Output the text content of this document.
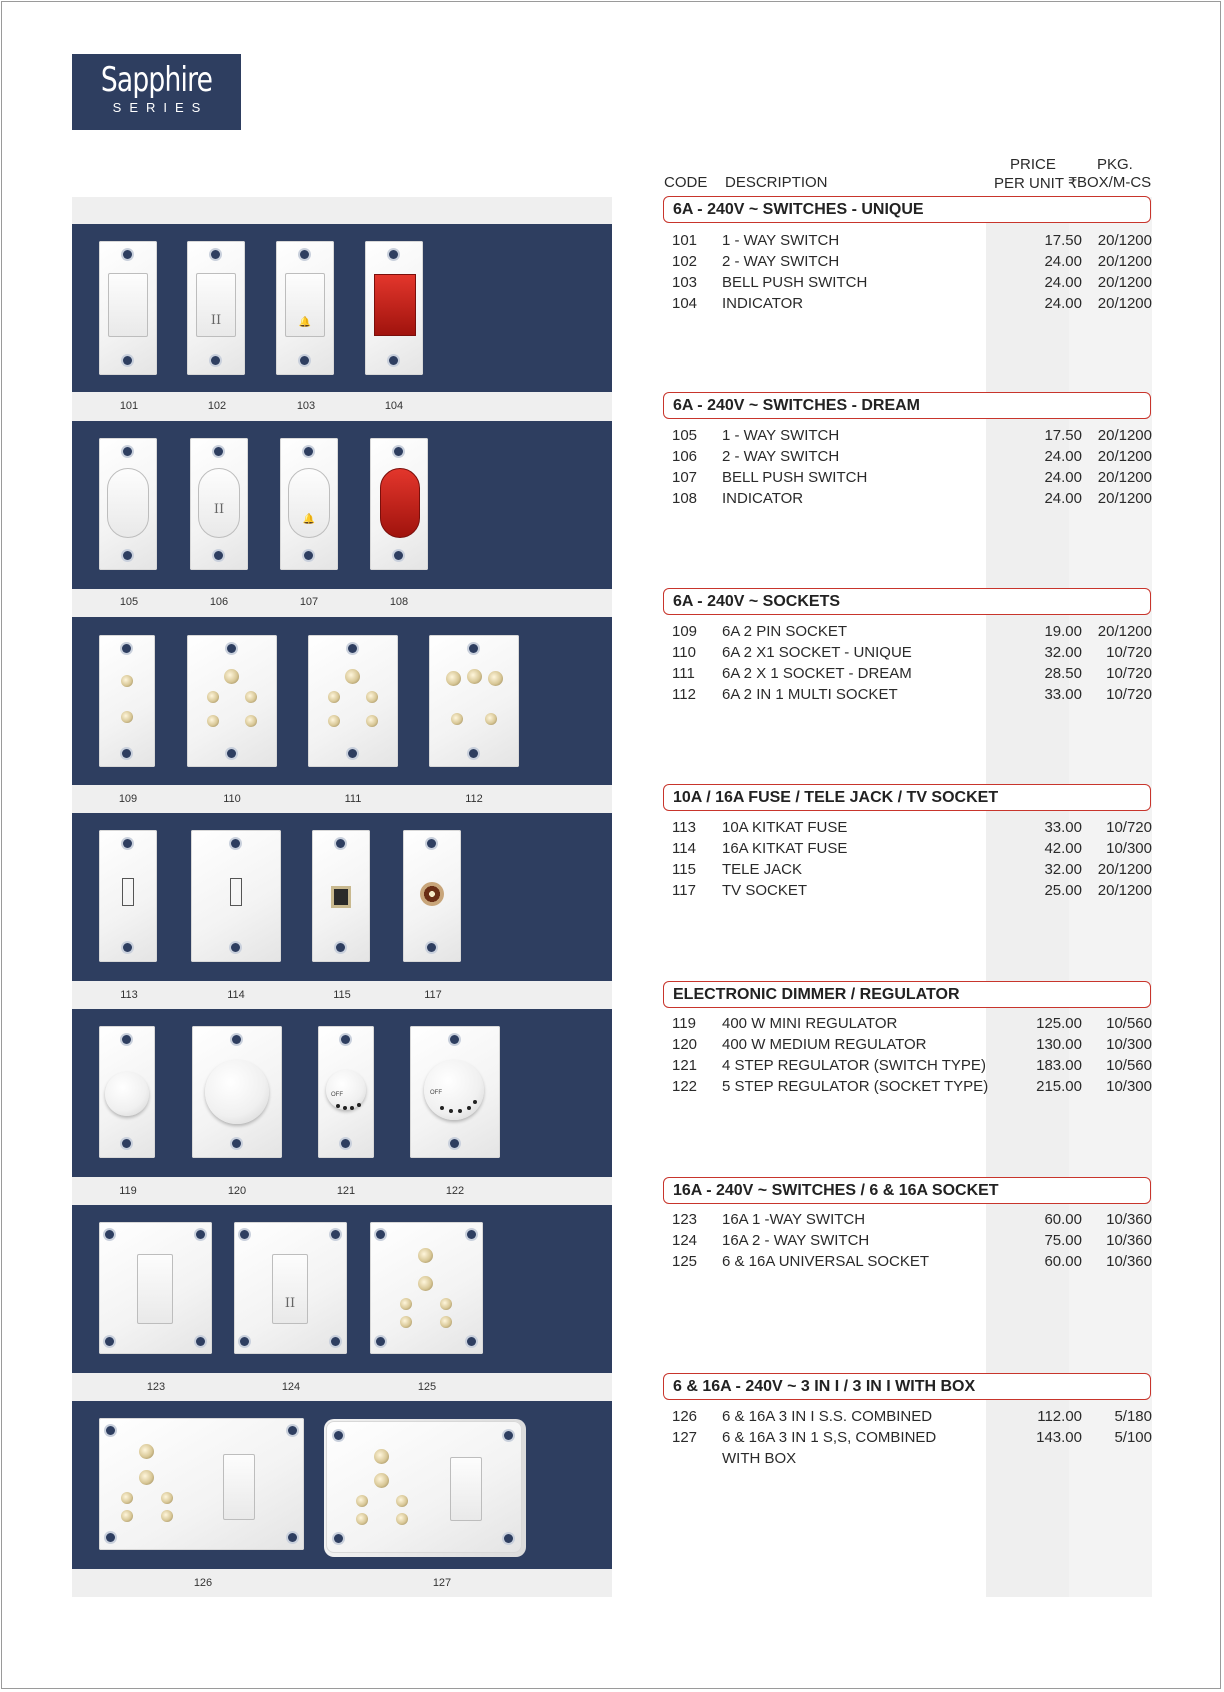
Sapphire
SERIES
II	🔔
101	102	103	104
II
🔔
105	106	107	108
109	110	111	112
113	114	115	117
OFF	OFF
119	120	121	122
II
123	124	125
126	127
CODE DESCRIPTION
PRICE
PER UNIT ₹
PKG.
BOX/M-CS
6A - 240V ~ SWITCHES - UNIQUE
101 1 - WAY SWITCH	17.50	20/1200
102 2 - WAY SWITCH	24.00	20/1200
103 BELL PUSH SWITCH	24.00	20/1200
104 INDICATOR	24.00	20/1200
6A - 240V ~ SWITCHES - DREAM
105 1 - WAY SWITCH	17.50	20/1200
106 2 - WAY SWITCH	24.00	20/1200
107 BELL PUSH SWITCH	24.00	20/1200
108 INDICATOR	24.00	20/1200
6A - 240V ~ SOCKETS
109 6A 2 PIN SOCKET	19.00	20/1200
110 6A 2 X1 SOCKET - UNIQUE	32.00	10/720
111 6A 2 X 1 SOCKET - DREAM	28.50	10/720
112 6A 2 IN 1 MULTI SOCKET	33.00	10/720
10A / 16A FUSE / TELE JACK / TV SOCKET
113 10A KITKAT FUSE	33.00	10/720
114 16A KITKAT FUSE	42.00	10/300
115 TELE JACK	32.00	20/1200
117 TV SOCKET	25.00	20/1200
ELECTRONIC DIMMER / REGULATOR
119 400 W MINI REGULATOR	125.00	10/560
120 400 W MEDIUM REGULATOR	130.00	10/300
121 4 STEP REGULATOR (SWITCH TYPE)	183.00	10/560
122 5 STEP REGULATOR (SOCKET TYPE)	215.00	10/300
16A - 240V ~ SWITCHES / 6 & 16A SOCKET
123 16A 1 -WAY SWITCH	60.00	10/360
124 16A 2 - WAY SWITCH	75.00	10/360
125 6 & 16A UNIVERSAL SOCKET	60.00	10/360
6 & 16A - 240V ~ 3 IN I / 3 IN I WITH BOX
126 6 & 16A 3 IN I S.S. COMBINED	112.00	5/180
127 6 & 16A 3 IN 1 S,S, COMBINED	143.00	5/100
WITH BOX
